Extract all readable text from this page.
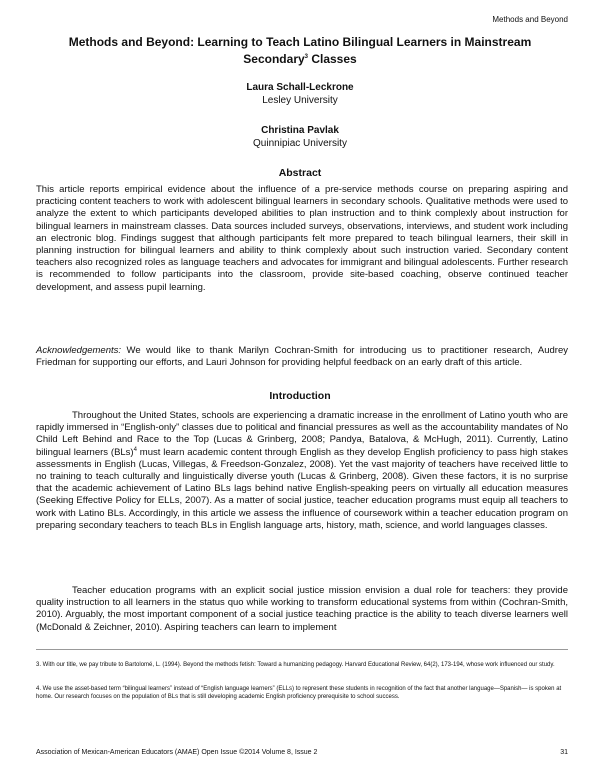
Methods and Beyond
Methods and Beyond: Learning to Teach Latino Bilingual Learners in Mainstream Secondary$^3$ Classes
Laura Schall-Leckrone
Lesley University
Christina Pavlak
Quinnipiac University
Abstract

This article reports empirical evidence about the influence of a pre-service methods course on preparing aspiring and practicing content teachers to work with adolescent bilingual learners in secondary schools. Qualitative methods were used to analyze the extent to which participants developed abilities to plan instruction and to think complexly about instruction for bilingual learners in mainstream classes. Data sources included surveys, observations, interviews, and student work including an electronic blog. Findings suggest that although participants felt more prepared to teach bilingual learners, their skill in planning instruction for bilingual learners and ability to think complexly about such instruction varied. Secondary content teachers also recognized roles as language teachers and advocates for immigrant and bilingual adolescents. Further research is recommended to follow participants into the classroom, provide site-based coaching, observe continued teacher development, and assess pupil learning.

Acknowledgements: We would like to thank Marilyn Cochran-Smith for introducing us to practitioner research, Audrey Friedman for supporting our efforts, and Lauri Johnson for providing helpful feedback on an early draft of this article.

Introduction

Throughout the United States, schools are experiencing a dramatic increase in the enrollment of Latino youth who are rapidly immersed in “English-only” classes due to political and financial pressures as well as the accountability mandates of No Child Left Behind and Race to the Top (Lucas & Grinberg, 2008; Pandya, Batalova, & McHugh, 2011). Currently, Latino bilingual learners (BLs)$^4$ must learn academic content through English as they develop English proficiency to pass high stakes assessments in English (Lucas, Villegas, & Freedson-Gonzalez, 2008). Yet the vast majority of teachers have received little to no training to teach culturally and linguistically diverse youth (Lucas & Grinberg, 2008). Given these factors, it is no surprise that the academic achievement of Latino BLs lags behind native English-speaking peers on virtually all education measures (Seeking Effective Policy for ELLs, 2007). As a matter of social justice, teacher education programs must equip all teachers to work with Latino BLs. Accordingly, in this article we assess the influence of coursework within a teacher education program on preparing secondary teachers to teach BLs in English language arts, history, math, science, and world languages classes.

Teacher education programs with an explicit social justice mission envision a dual role for teachers: they provide quality instruction to all learners in the status quo while working to transform educational systems from within (Cochran-Smith, 2010). Arguably, the most important component of a social justice teaching practice is the ability to teach diverse learners well (McDonald & Zeichner, 2010). Aspiring teachers can learn to implement

3. With our title, we pay tribute to Bartolomé, L. (1994). Beyond the methods fetish: Toward a humanizing pedagogy. Harvard Educational Review, 64(2), 173-194, whose work influenced our study.

4. We use the asset-based term “bilingual learners” instead of “English language learners” (ELLs) to represent these students in recognition of the fact that another language—Spanish— is spoken at home. Our research focuses on the population of BLs that is still developing academic English proficiency prerequisite to school success.

Association of Mexican-American Educators (AMAE) Open Issue ©2014 Volume 8, Issue 2	31
